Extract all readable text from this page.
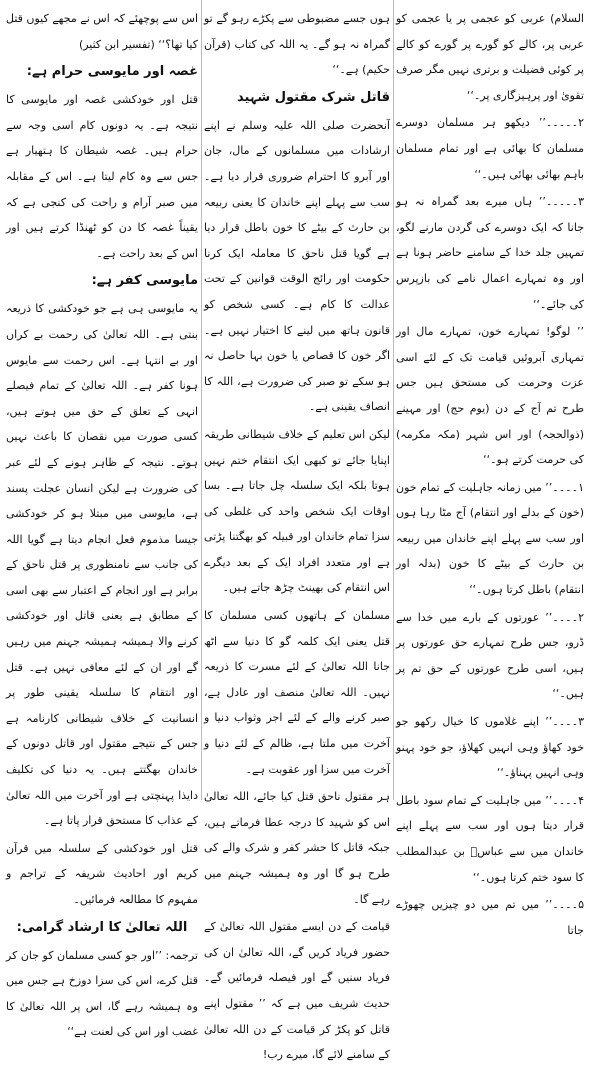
السلام) عربی کو عجمی پر یا عجمی کو عربی پر، کالے کو گورے پر گورے کو کالے پر کوئی فضیلت و برتری نہیں مگر صرف تقویٰ اور پرہیزگاری پر۔‘‘

۲۔۔۔۔۔’’ دیکھو ہر مسلمان دوسرے مسلمان کا بھائی ہے اور تمام مسلمان باہم بھائی بھائی ہیں۔‘‘

۳۔۔۔۔۔’’ ہاں میرے بعد گمراہ نہ ہو جانا کہ ایک دوسرے کی گردن مارنے لگو، تمہیں جلد خدا کے سامنے حاضر ہونا ہے اور وہ تمہارے اعمال نامے کی بازپرس کی جائے۔‘‘

’’ لوگو! تمہارے خون، تمہارے مال اور تمہاری آبروئیں قیامت تک کے لئے اسی عزت وحرمت کی مستحق ہیں جس طرح تم آج کے دن (یوم حج) اور مہینے (ذوالحجہ) اور اس شہر (مکہ مکرمہ) کی حرمت کرتے ہو۔‘‘

۱۔۔۔۔’’ میں زمانہ جاہلیت کے تمام خون (خون کے بدلے اور انتقام) آج مٹا رہا ہوں اور سب سے پہلے اپنے خاندان میں ربیعہ بن حارث کے بیٹے کا خون (بدلہ اور انتقام) باطل کرتا ہوں۔‘‘

۲۔۔۔۔’’ عورتوں کے بارے میں خدا سے ڈرو، جس طرح تمہارے حق عورتوں پر ہیں، اسی طرح عورتوں کے حق تم پر ہیں۔‘‘

۳۔۔۔۔’’ اپنے غلاموں کا خیال رکھو جو خود کھاؤ وہی انہیں کھلاؤ، جو خود پہنو وہی انہیں پہناؤ۔‘‘

۴۔۔۔۔’’ میں جاہلیت کے تمام سود باطل قرار دیتا ہوں اور سب سے پہلے اپنے خاندان میں سے عباسؓ بن عبدالمطلب کا سود ختم کرتا ہوں۔‘‘

۵۔۔۔۔’’ میں تم میں دو چیزیں چھوڑے جاتا

ہوں جسے مضبوطی سے پکڑے رہو گے تو گمراہ نہ ہو گے۔ یہ اللہ کی کتاب (قرآن حکیم) ہے۔‘‘

قاتل شرک مقتول شہید

آنحضرت صلی اللہ علیہ وسلم نے اپنے ارشادات میں مسلمانوں کے مال، جان اور آبرو کا احترام ضروری قرار دیا ہے۔ سب سے پہلے اپنے خاندان کا یعنی ربیعہ بن حارث کے بیٹے کا خون باطل قرار دیا ہے گویا قتل ناحق کا معاملہ ایک کرنا حکومت اور رائج الوقت قوانین کے تحت عدالت کا کام ہے۔ کسی شخص کو قانون ہاتھ میں لینے کا اختیار نہیں ہے۔ اگر خون کا قصاص یا خون بہا حاصل نہ ہو سکے تو صبر کی ضرورت ہے، اللہ کا انصاف یقینی ہے۔

لیکن اس تعلیم کے خلاف شیطانی طریقہ اپنایا جائے تو کبھی ایک انتقام ختم نہیں ہوتا بلکہ ایک سلسلہ چل جاتا ہے۔ بسا اوقات ایک شخص واحد کی غلطی کی سزا تمام خاندان اور قبیلہ کو بھگتنا پڑتی ہے اور متعدد افراد ایک کے بعد دیگرے اس انتقام کی بھینٹ چڑھ جاتے ہیں۔

مسلمان کے ہاتھوں کسی مسلمان کا قتل یعنی ایک کلمہ گو کا دنیا سے اٹھ جانا اللہ تعالیٰ کے لئے مسرت کا ذریعہ نہیں۔ اللہ تعالیٰ منصف اور عادل ہے، صبر کرنے والے کے لئے اجر وثواب دنیا و آخرت میں ملتا ہے، ظالم کے لئے دنیا و آخرت میں سزا اور عقوبت ہے۔

ہر مقتول ناحق قتل کیا جائے، اللہ تعالیٰ اس کو شہید کا درجہ عطا فرماتے ہیں، جبکہ قاتل کا حشر کفر و شرک والے کی طرح ہو گا اور وہ ہمیشہ جہنم میں رہے گا۔

قیامت کے دن ایسے مقتول اللہ تعالیٰ کے حضور فریاد کریں گے، اللہ تعالیٰ ان کی فریاد سنیں گے اور فیصلہ فرمائیں گے۔ حدیث شریف میں ہے کہ ’’ مقتول اپنے قاتل کو پکڑ کر قیامت کے دن اللہ تعالیٰ کے سامنے لائے گا، میرے رب!

اس سے پوچھئے کہ اس نے مجھے کیوں قتل کیا تھا؟‘‘ (تفسیر ابن کثیر)

غصہ اور مایوسی حرام ہے:

قتل اور خودکشی غصہ اور مایوسی کا نتیجہ ہے۔ یہ دونوں کام اسی وجہ سے حرام ہیں۔ غصہ شیطان کا ہتھیار ہے جس سے وہ کام لیتا ہے۔ اس کے مقابلہ میں صبر آرام و راحت کی کنجی ہے کہ یقیناً غصہ کا دن کو ٹھنڈا کرتے ہیں اور اس کے بعد راحت ہے۔

مایوسی کفر ہے:

یہ مایوسی ہی ہے جو خودکشی کا ذریعہ بنتی ہے۔ اللہ تعالیٰ کی رحمت بے کراں اور بے انتہا ہے۔ اس رحمت سے مایوس ہونا کفر ہے۔ اللہ تعالیٰ کے تمام فیصلے انہی کے تعلق کے حق میں ہوتے ہیں، کسی صورت میں نقصان کا باعث نہیں ہوتے۔ نتیجہ کے ظاہر ہونے کے لئے عبر کی ضرورت ہے لیکن انسان عجلت پسند ہے، مایوسی میں مبتلا ہو کر خودکشی جیسا مذموم فعل انجام دیتا ہے گویا اللہ کی جانب سے نامنظوری پر قتل ناحق کے برابر ہے اور انجام کے اعتبار سے بھی اسی کے مطابق ہے یعنی قاتل اور خودکشی کرنے والا ہمیشہ ہمیشہ جہنم میں رہیں گے اور ان کے لئے معافی نہیں ہے۔ قتل اور انتقام کا سلسلہ یقینی طور پر انسانیت کے خلاف شیطانی کارنامہ ہے جس کے نتیجے مقتول اور قاتل دونوں کے خاندان بھگتتے ہیں۔ یہ دنیا کی تکلیف دایذا پہنچتی ہے اور آخرت میں اللہ تعالیٰ کے عذاب کا مستحق قرار پاتا ہے۔

قتل اور خودکشی کے سلسلہ میں قرآن کریم اور احادیث شریفہ کے تراجم و مفہوم کا مطالعہ فرمائیں۔

اللہ تعالیٰ کا ارشاد گرامی:

ترجمہ: ’’اور جو کسی مسلمان کو جان کر قتل کرے، اس کی سزا دوزخ ہے جس میں وہ ہمیشہ رہے گا، اس پر اللہ تعالیٰ کا غضب اور اس کی لعنت ہے‘‘
